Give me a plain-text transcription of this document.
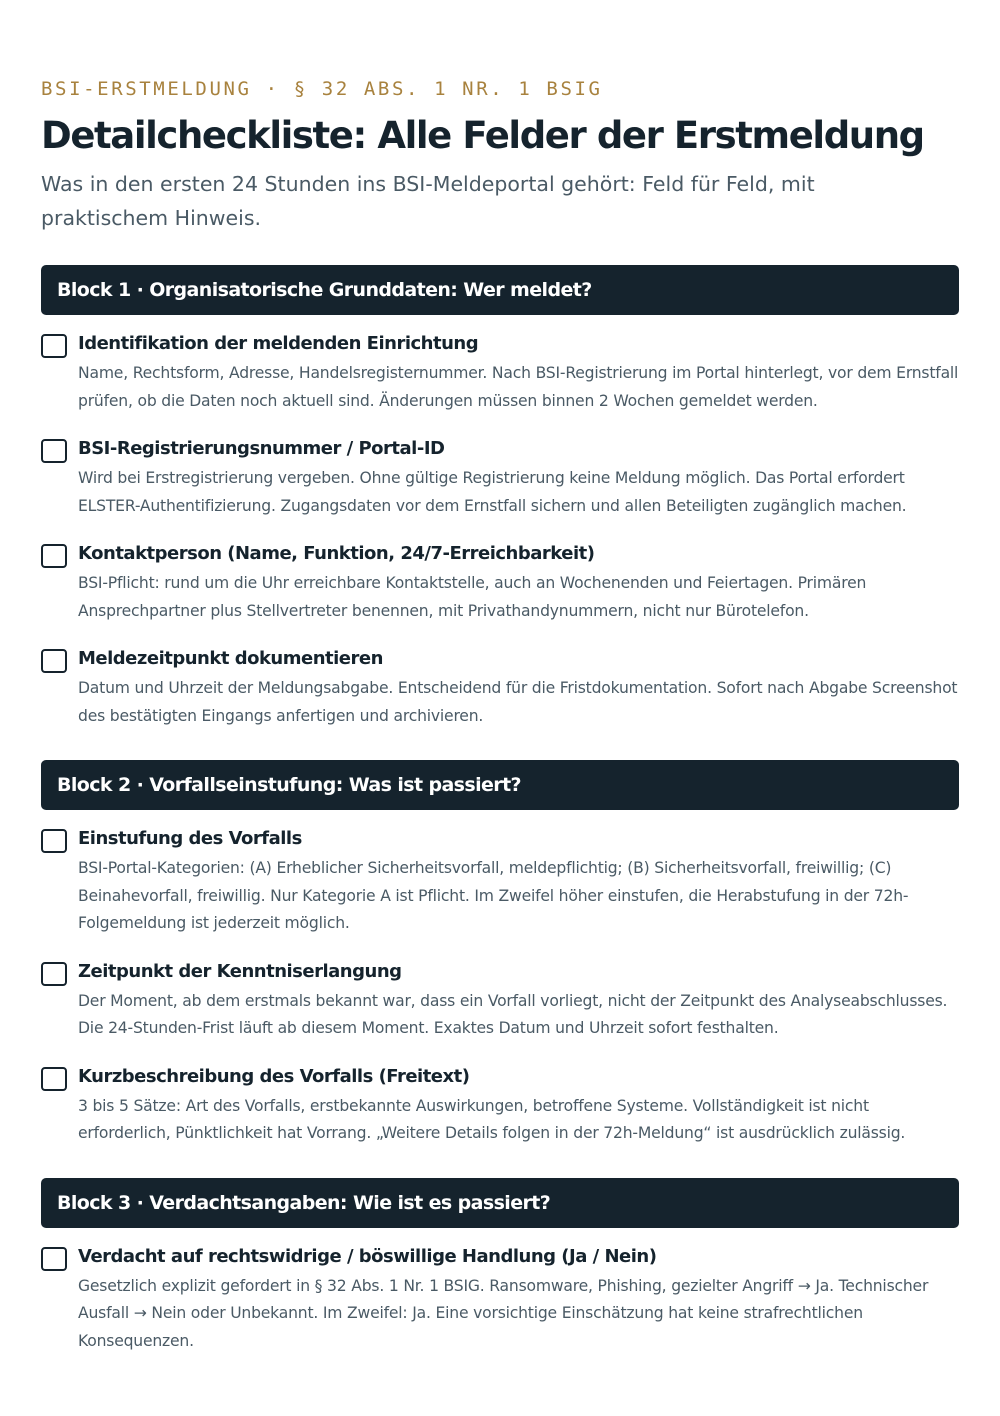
BSI-ERSTMELDUNG · § 32 ABS. 1 NR. 1 BSIG
Detailcheckliste: Alle Felder der Erstmeldung

Was in den ersten 24 Stunden ins BSI-Meldeportal gehört: Feld für Feld, mit praktischem Hinweis.

Block 1 · Organisatorische Grunddaten: Wer meldet?
Identifikation der meldenden Einrichtung
Name, Rechtsform, Adresse, Handelsregisternummer. Nach BSI-Registrierung im Portal hinterlegt, vor dem Ernstfall prüfen, ob die Daten noch aktuell sind. Änderungen müssen binnen 2 Wochen gemeldet werden.
BSI-Registrierungsnummer / Portal-ID
Wird bei Erstregistrierung vergeben. Ohne gültige Registrierung keine Meldung möglich. Das Portal erfordert ELSTER-Authentifizierung. Zugangsdaten vor dem Ernstfall sichern und allen Beteiligten zugänglich machen.
Kontaktperson (Name, Funktion, 24/7-Erreichbarkeit)
BSI-Pflicht: rund um die Uhr erreichbare Kontaktstelle, auch an Wochenenden und Feiertagen. Primären Ansprechpartner plus Stellvertreter benennen, mit Privathandynummern, nicht nur Bürotelefon.
Meldezeitpunkt dokumentieren
Datum und Uhrzeit der Meldungsabgabe. Entscheidend für die Fristdokumentation. Sofort nach Abgabe Screenshot des bestätigten Eingangs anfertigen und archivieren.
Block 2 · Vorfallseinstufung: Was ist passiert?
Einstufung des Vorfalls
BSI-Portal-Kategorien: (A) Erheblicher Sicherheitsvorfall, meldepflichtig; (B) Sicherheitsvorfall, freiwillig; (C) Beinahevorfall, freiwillig. Nur Kategorie A ist Pflicht. Im Zweifel höher einstufen, die Herabstufung in der 72h-Folgemeldung ist jederzeit möglich.
Zeitpunkt der Kenntniserlangung
Der Moment, ab dem erstmals bekannt war, dass ein Vorfall vorliegt, nicht der Zeitpunkt des Analyseabschlusses. Die 24-Stunden-Frist läuft ab diesem Moment. Exaktes Datum und Uhrzeit sofort festhalten.
Kurzbeschreibung des Vorfalls (Freitext)
3 bis 5 Sätze: Art des Vorfalls, erstbekannte Auswirkungen, betroffene Systeme. Vollständigkeit ist nicht erforderlich, Pünktlichkeit hat Vorrang. „Weitere Details folgen in der 72h-Meldung“ ist ausdrücklich zulässig.
Block 3 · Verdachtsangaben: Wie ist es passiert?
Verdacht auf rechtswidrige / böswillige Handlung (Ja / Nein)
Gesetzlich explizit gefordert in § 32 Abs. 1 Nr. 1 BSIG. Ransomware, Phishing, gezielter Angriff → Ja. Technischer Ausfall → Nein oder Unbekannt. Im Zweifel: Ja. Eine vorsichtige Einschätzung hat keine strafrechtlichen Konsequenzen.
